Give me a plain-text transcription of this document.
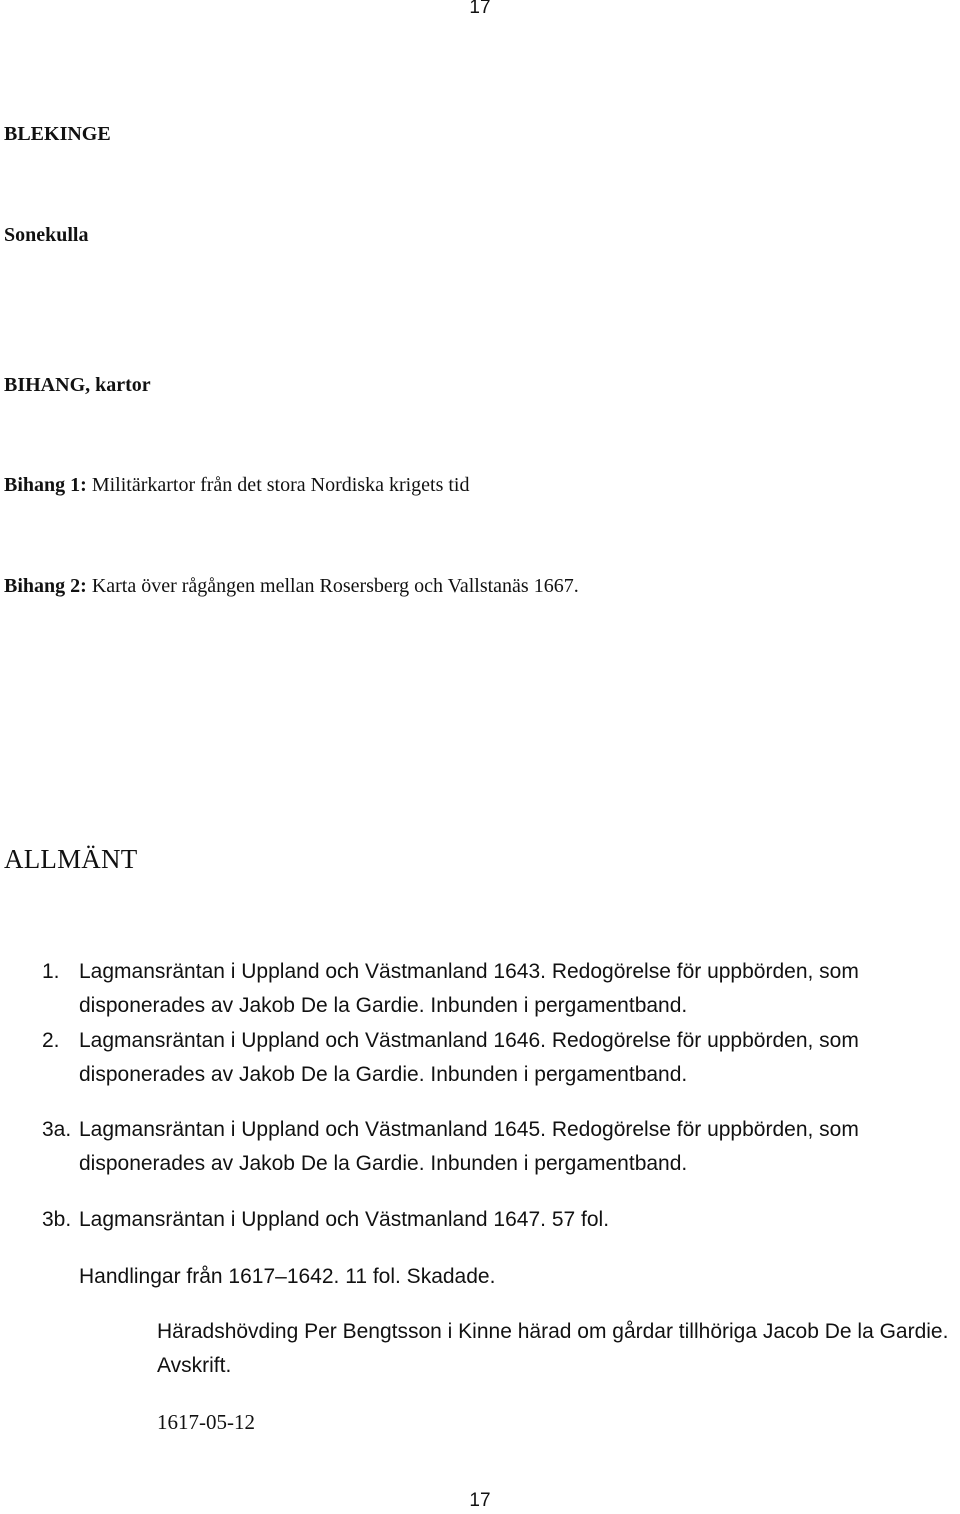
17
BLEKINGE
Sonekulla
BIHANG, kartor
Bihang 1: Militärkartor från det stora Nordiska krigets tid
Bihang 2: Karta över rågången mellan Rosersberg och Vallstanäs 1667.
ALLMÄNT
1. Lagmansräntan i Uppland och Västmanland 1643. Redogörelse för uppbörden, som
disponerades av Jakob De la Gardie. Inbunden i pergamentband.
2. Lagmansräntan i Uppland och Västmanland 1646. Redogörelse för uppbörden, som
disponerades av Jakob De la Gardie. Inbunden i pergamentband.
3a. Lagmansräntan i Uppland och Västmanland 1645. Redogörelse för uppbörden, som
disponerades av Jakob De la Gardie. Inbunden i pergamentband.
3b. Lagmansräntan i Uppland och Västmanland 1647. 57 fol.
Handlingar från 1617–1642. 11 fol. Skadade.
Häradshövding Per Bengtsson i Kinne härad om gårdar tillhöriga Jacob De la Gardie. Avskrift.
1617-05-12
17
